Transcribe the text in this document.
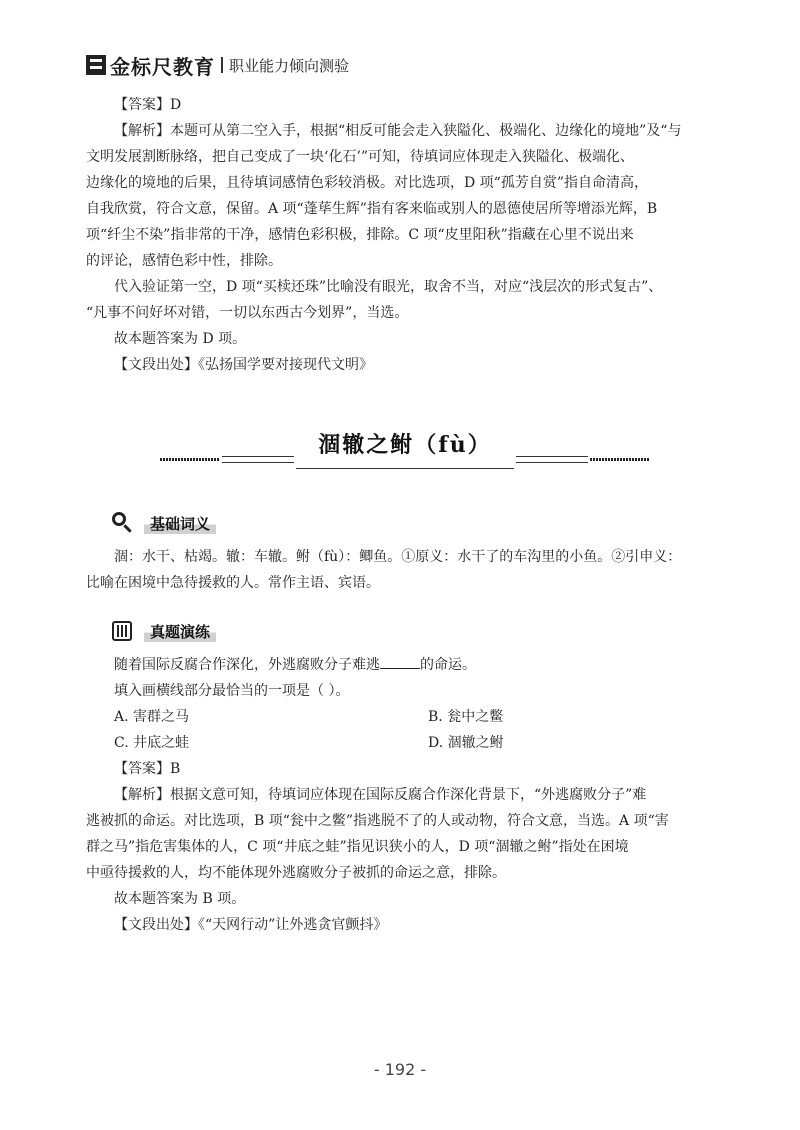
金标尺教育 职业能力倾向测验

【答案】D

【解析】本题可从第二空入手，根据“相反可能会走入狭隘化、极端化、边缘化的境地”及“与

文明发展割断脉络，把自己变成了一块‘化石’”可知，待填词应体现走入狭隘化、极端化、

边缘化的境地的后果，且待填词感情色彩较消极。对比选项，D 项“孤芳自赏”指自命清高，

自我欣赏，符合文意，保留。A 项“蓬荜生辉”指有客来临或别人的恩德使居所等增添光辉，B

项“纤尘不染”指非常的干净，感情色彩积极，排除。C 项“皮里阳秋”指藏在心里不说出来

的评论，感情色彩中性，排除。

代入验证第一空，D 项“买椟还珠”比喻没有眼光，取舍不当，对应“浅层次的形式复古”、

“凡事不问好坏对错，一切以东西古今划界”，当选。

故本题答案为 D 项。

【文段出处】《弘扬国学要对接现代文明》

涸辙之鲋（fù）
基础词义

涸：水干、枯竭。辙：车辙。鲋（fù）：鲫鱼。①原义：水干了的车沟里的小鱼。②引申义：

比喻在困境中急待援救的人。常作主语、宾语。

真题演练

随着国际反腐合作深化，外逃腐败分子难逃	的命运。

填入画横线部分最恰当的一项是（ ）。

A. 害群之马	B. 瓮中之鳖
C. 井底之蛙	D. 涸辙之鲋

【答案】B

【解析】根据文意可知，待填词应体现在国际反腐合作深化背景下，“外逃腐败分子”难

逃被抓的命运。对比选项，B 项“瓮中之鳖”指逃脱不了的人或动物，符合文意，当选。A 项“害

群之马”指危害集体的人，C 项“井底之蛙”指见识狭小的人，D 项“涸辙之鲋”指处在困境

中亟待援救的人，均不能体现外逃腐败分子被抓的命运之意，排除。

故本题答案为 B 项。

【文段出处】《“天网行动”让外逃贪官颤抖》

- 192 -
